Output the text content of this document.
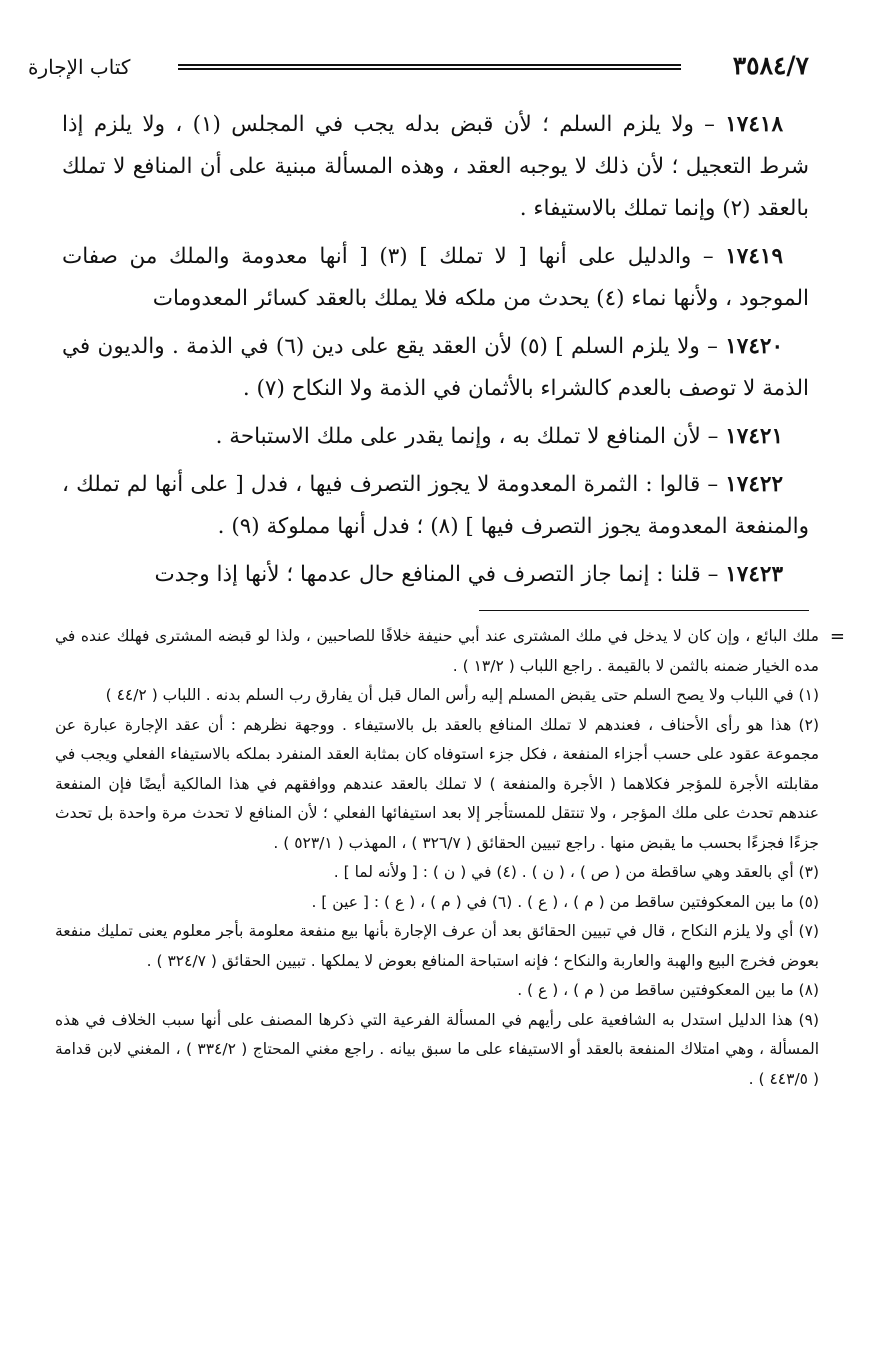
٣٥٨٤/٧
كتاب الإجارة

١٧٤١٨ – ولا يلزم السلم ؛ لأن قبض بدله يجب في المجلس (١) ، ولا يلزم إذا شرط التعجيل ؛ لأن ذلك لا يوجبه العقد ، وهذه المسألة مبنية على أن المنافع لا تملك بالعقد (٢) وإنما تملك بالاستيفاء .

١٧٤١٩ – والدليل على أنها [ لا تملك ] (٣) [ أنها معدومة والملك من صفات الموجود ، ولأنها نماء (٤) يحدث من ملكه فلا يملك بالعقد كسائر المعدومات

١٧٤٢٠ – ولا يلزم السلم ] (٥) لأن العقد يقع على دين (٦) في الذمة . والديون في الذمة لا توصف بالعدم كالشراء بالأثمان في الذمة ولا النكاح (٧) .

١٧٤٢١ – لأن المنافع لا تملك به ، وإنما يقدر على ملك الاستباحة .

١٧٤٢٢ – قالوا : الثمرة المعدومة لا يجوز التصرف فيها ، فدل [ على أنها لم تملك ، والمنفعة المعدومة يجوز التصرف فيها ] (٨) ؛ فدل أنها مملوكة (٩) .

١٧٤٢٣ – قلنا : إنما جاز التصرف في المنافع حال عدمها ؛ لأنها إذا وجدت

=

ملك البائع ، وإن كان لا يدخل في ملك المشترى عند أبي حنيفة خلافًا للصاحبين ، ولذا لو قبضه المشترى فهلك عنده في مده الخيار ضمنه بالثمن لا بالقيمة . راجع اللباب ( ١٣/٢ ) .

(١) في اللباب ولا يصح السلم حتى يقبض المسلم إليه رأس المال قبل أن يفارق رب السلم بدنه . اللباب ( ٤٤/٢ )

(٢) هذا هو رأى الأحناف ، فعندهم لا تملك المنافع بالعقد بل بالاستيفاء . ووجهة نظرهم : أن عقد الإجارة عبارة عن مجموعة عقود على حسب أجزاء المنفعة ، فكل جزء استوفاه كان بمثابة العقد المنفرد بملكه بالاستيفاء الفعلي ويجب في مقابلته الأجرة للمؤجر فكلاهما ( الأجرة والمنفعة ) لا تملك بالعقد عندهم ووافقهم في هذا المالكية أيضًا فإن المنفعة عندهم تحدث على ملك المؤجر ، ولا تنتقل للمستأجر إلا بعد استيفائها الفعلي ؛ لأن المنافع لا تحدث مرة واحدة بل تحدث جزءًا فجزءًا بحسب ما يقبض منها . راجع تبيين الحقائق ( ٣٢٦/٧ ) ، المهذب ( ٥٢٣/١ ) .

(٣) أي بالعقد وهي ساقطة من ( ص ) ، ( ن ) . (٤) في ( ن ) : [ ولأنه لما ] .

(٥) ما بين المعكوفتين ساقط من ( م ) ، ( ع ) . (٦) في ( م ) ، ( ع ) : [ عين ] .

(٧) أي ولا يلزم النكاح ، قال في تبيين الحقائق بعد أن عرف الإجارة بأنها بيع منفعة معلومة بأجر معلوم يعنى تمليك منفعة بعوض فخرج البيع والهبة والعاربة والنكاح ؛ فإنه استباحة المنافع بعوض لا يملكها . تبيين الحقائق ( ٣٢٤/٧ ) .

(٨) ما بين المعكوفتين ساقط من ( م ) ، ( ع ) .

(٩) هذا الدليل استدل به الشافعية على رأيهم في المسألة الفرعية التي ذكرها المصنف على أنها سبب الخلاف في هذه المسألة ، وهي امتلاك المنفعة بالعقد أو الاستيفاء على ما سبق بيانه . راجع مغني المحتاج ( ٣٣٤/٢ ) ، المغني لابن قدامة ( ٤٤٣/٥ ) .
